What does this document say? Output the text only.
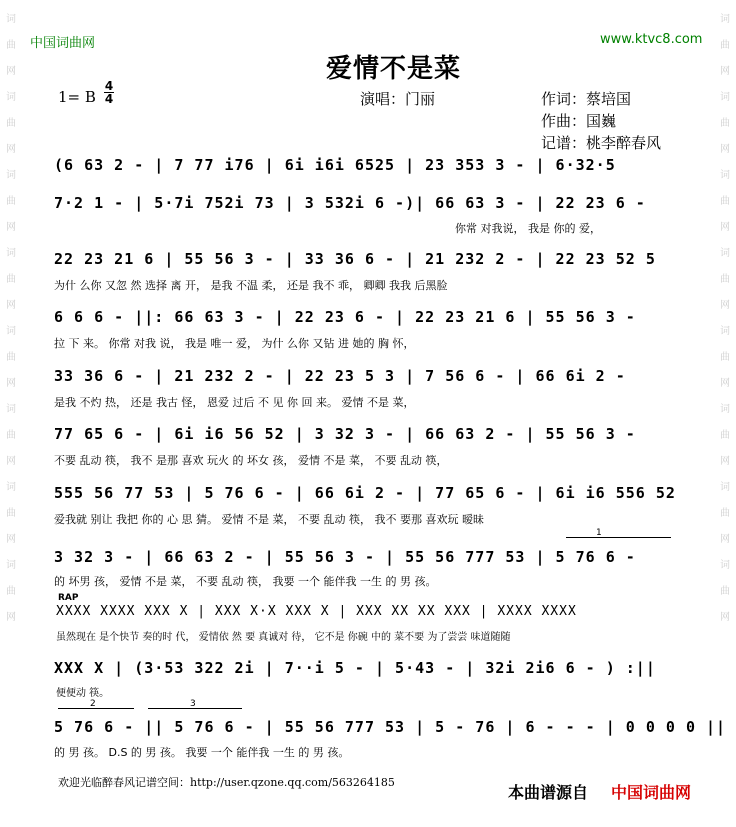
词
曲
网
词
曲
网
词
曲
网
词
曲
网
词
曲
网
词
曲
网
词
曲
网
词
曲
网
词
曲
网
词
曲
网
词
曲
网
词
曲
网
词
曲
网
词
曲
网
词
曲
网
词
曲
网
中国词曲网	www.ktvc8.com
爱情不是菜
1= B
4
4	演唱：门丽	作词：蔡培国
作曲：国巍
记谱：桃李醉春风
(6 63 2 - | 7 77 i76 | 6i i6i 6525 | 23 353 3 - | 6·32·5
7·2 1 - | 5·7i 752i 73 | 3 532i 6 -)| 66 63 3 - | 22 23 6 -
你常 对我说， 我是 你的 爱，
22 23 21 6 | 55 56 3 - | 33 36 6 - | 21 232 2 - | 22 23 52 5
为什 么你 又忽 然 选择 离 开， 是我 不温 柔， 还是 我不 乖， 卿卿 我我 后黑脸
6 6 6 - ||: 66 63 3 - | 22 23 6 - | 22 23 21 6 | 55 56 3 -
拉 下 来。 你常 对我 说， 我是 唯一 爱， 为什 么你 又钻 进 她的 胸 怀，
33 36 6 - | 21 232 2 - | 22 23 5 3 | 7 56 6 - | 66 6i 2 -
是我 不灼 热， 还是 我古 怪， 恩爱 过后 不 见 你 回 来。 爱情 不是 菜，
77 65 6 - | 6i i6 56 52 | 3 32 3 - | 66 63 2 - | 55 56 3 -
不要 乱动 筷， 我不 是那 喜欢 玩火 的 坏女 孩， 爱情 不是 菜， 不要 乱动 筷，
555 56 77 53 | 5 76 6 - | 66 6i 2 - | 77 65 6 - | 6i i6 556 52
爱我就 别让 我把 你的 心 思 猜。 爱情 不是 菜， 不要 乱动 筷， 我不 要那 喜欢玩 暧昧
1
3 32 3 - | 66 63 2 - | 55 56 3 - | 55 56 777 53 | 5 76 6 -
的 坏男 孩， 爱情 不是 菜， 不要 乱动 筷， 我要 一个 能伴我 一生 的 男 孩。
RAP
XXXX XXXX XXX X | XXX X·X XXX X | XXX XX XX XXX | XXXX XXXX
虽然现在 是个快节 奏的时 代， 爱情依 然 要 真诚对 待， 它不是 你碗 中的 菜不要 为了尝尝 味道随随
XXX X | (3·53 322 2i | 7··i 5 - | 5·43 - | 32i 2i6 6 - ) :||
便便动 筷。
2	3
5 76 6 - || 5 76 6 - | 55 56 777 53 | 5 - 76 | 6 - - - | 0 0 0 0 ||
的 男 孩。 D.S 的 男 孩。 我要 一个 能伴我 一生 的 男 孩。
欢迎光临醉春风记谱空间：http://user.qzone.qq.com/563264185
本曲谱源自 中国词曲网
